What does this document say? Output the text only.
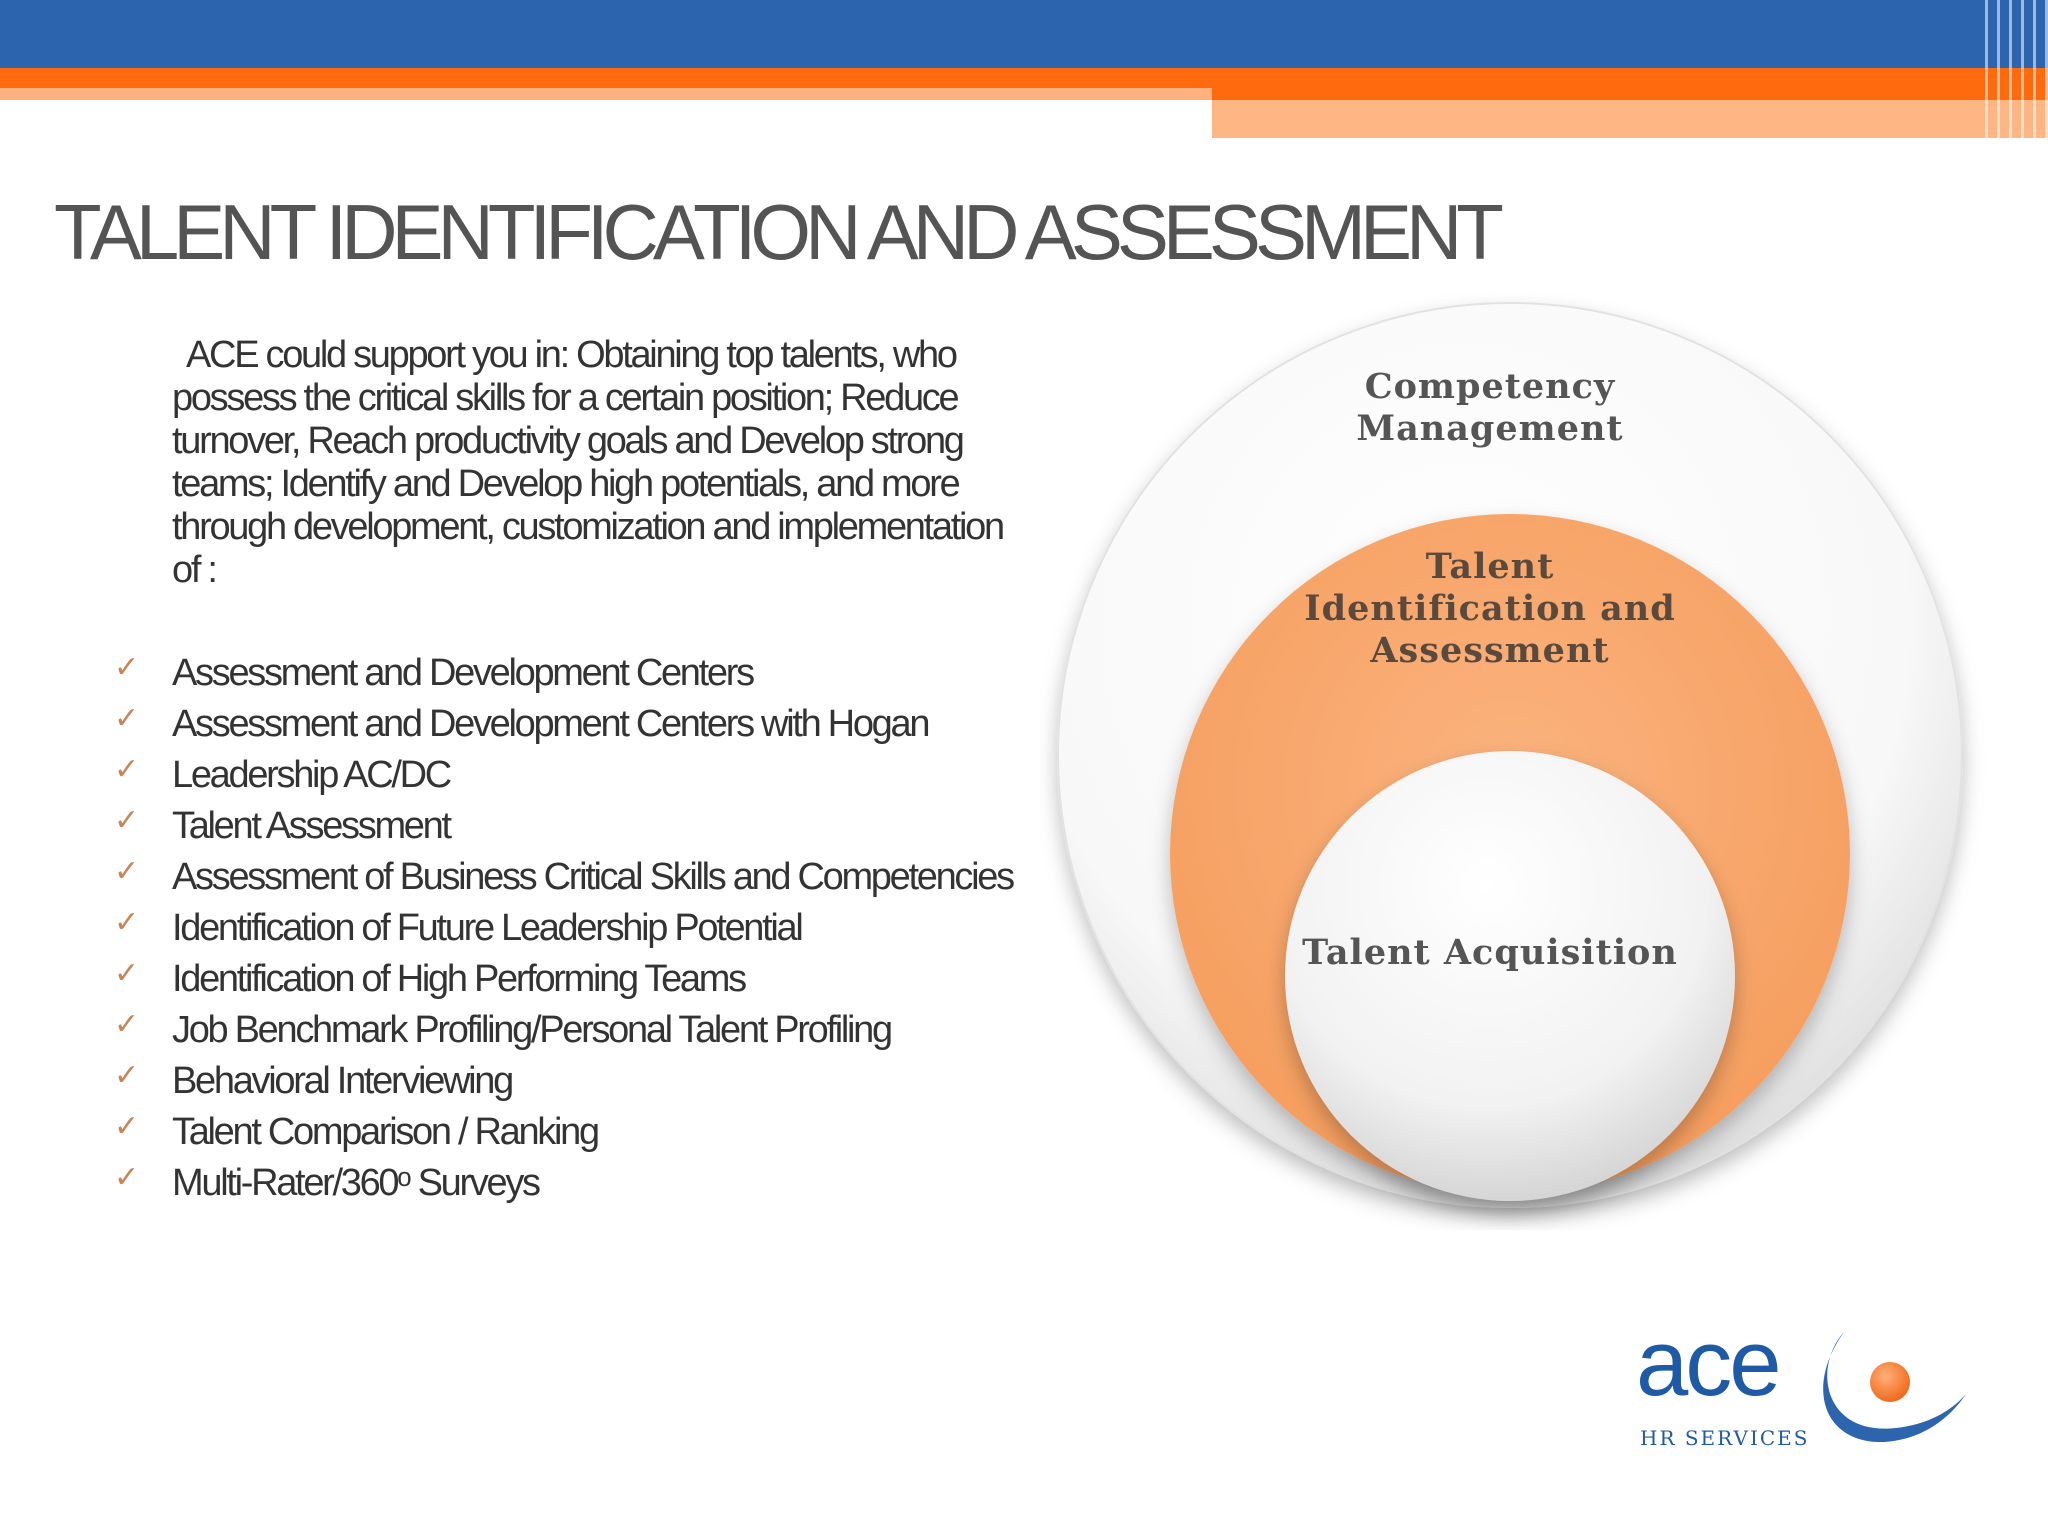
TALENT IDENTIFICATION AND ASSESSMENT

ACE could support you in: Obtaining top talents, who possess the critical skills for a certain position; Reduce turnover, Reach productivity goals and Develop strong teams; Identify and Develop high potentials, and more through development, customization and implementation of :

✓ Assessment and Development Centers
✓ Assessment and Development Centers with Hogan
✓ Leadership AC/DC
✓ Talent Assessment
✓ Assessment of Business Critical Skills and Competencies
✓ Identification of Future Leadership Potential
✓ Identification of High Performing Teams
✓ Job Benchmark Profiling/Personal Talent Profiling
✓ Behavioral Interviewing
✓ Talent Comparison / Ranking
✓ Multi-Rater/360ᵒ Surveys

Competency Management

Talent Identification and Assessment

Talent Acquisition

ace

HR SERVICES
